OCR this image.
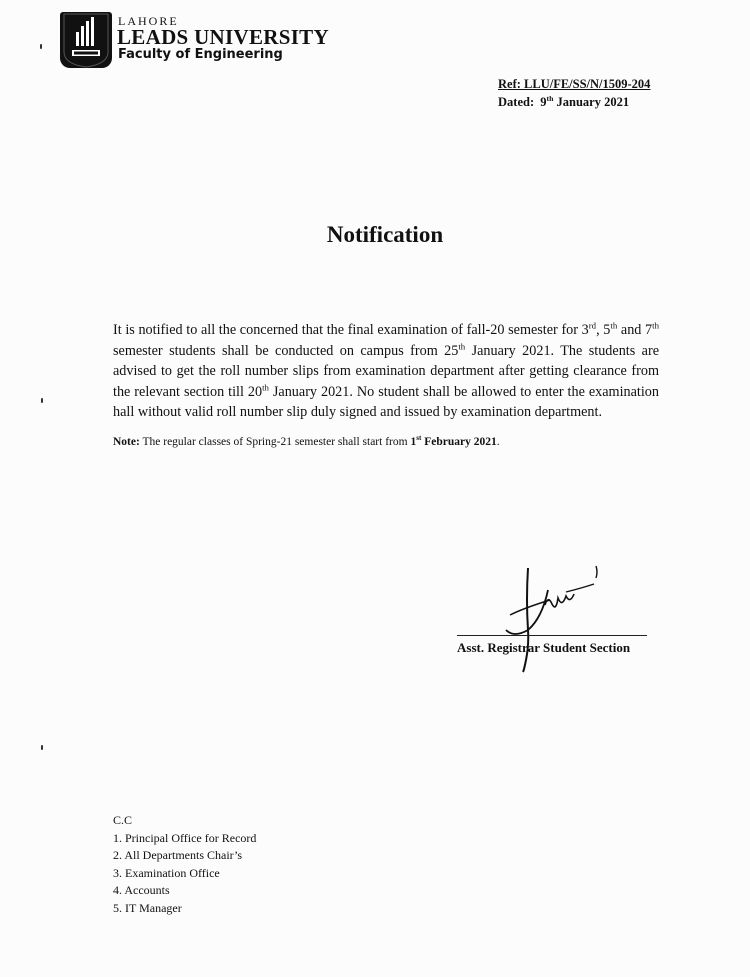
LAHORE
LEADS UNIVERSITY
Faculty of Engineering
Ref: LLU/FE/SS/N/1509-204
Dated: 9th January 2021
Notification
It is notified to all the concerned that the final examination of fall-20 semester for 3rd, 5th and 7th semester students shall be conducted on campus from 25th January 2021. The students are advised to get the roll number slips from examination department after getting clearance from the relevant section till 20th January 2021. No student shall be allowed to enter the examination hall without valid roll number slip duly signed and issued by examination department.
Note: The regular classes of Spring-21 semester shall start from 1st February 2021.
Asst. Registrar Student Section
C.C
1. Principal Office for Record
2. All Departments Chair’s
3. Examination Office
4. Accounts
5. IT Manager
